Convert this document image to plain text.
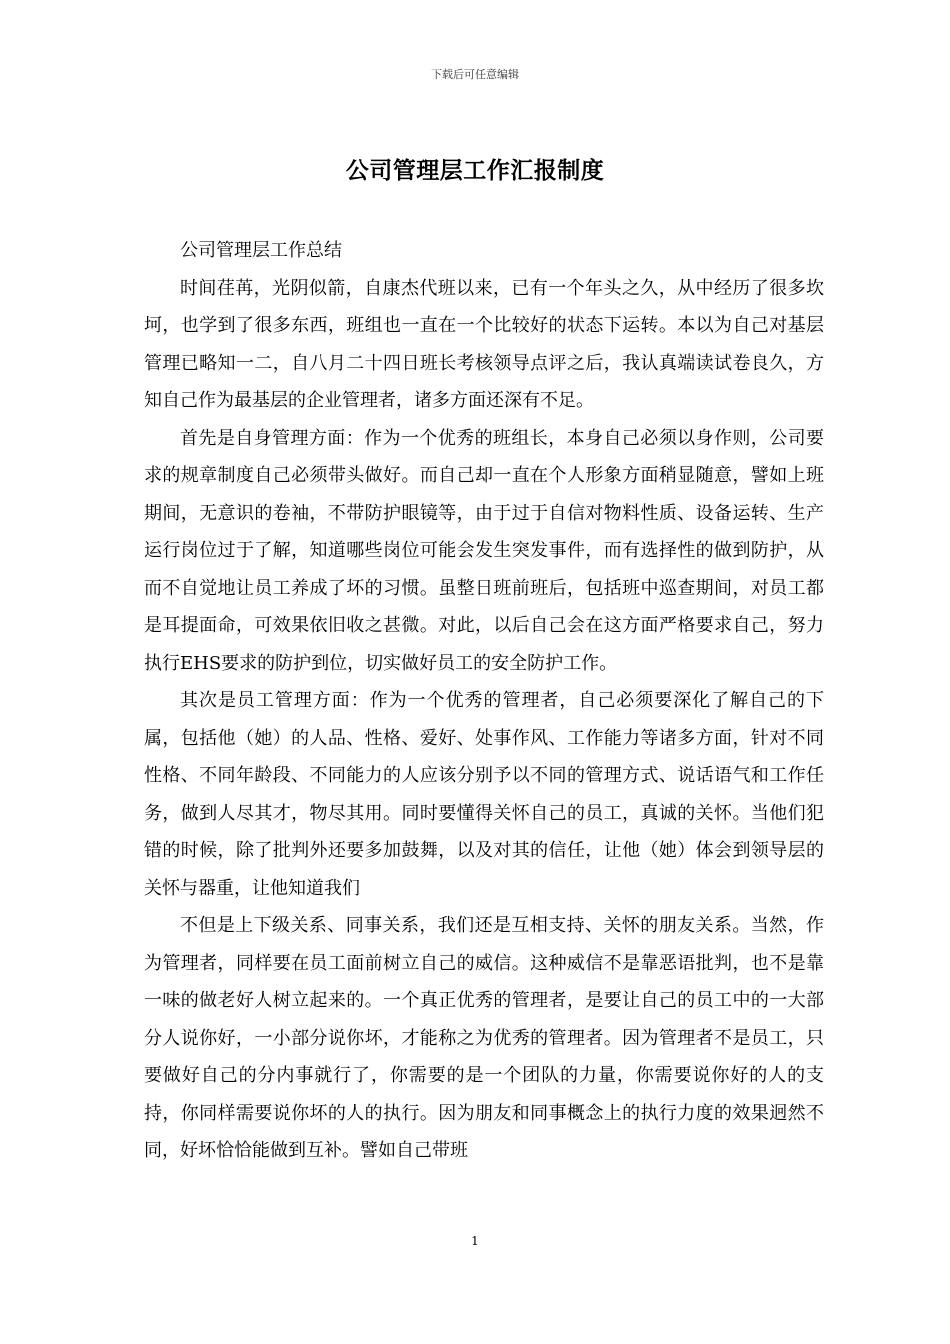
下载后可任意编辑
公司管理层工作汇报制度

公司管理层工作总结

时间荏苒，光阴似箭，自康杰代班以来，已有一个年头之久，从中经历了很多坎坷，也学到了很多东西，班组也一直在一个比较好的状态下运转。本以为自己对基层管理已略知一二，自八月二十四日班长考核领导点评之后，我认真端读试卷良久，方知自己作为最基层的企业管理者，诸多方面还深有不足。

首先是自身管理方面：作为一个优秀的班组长，本身自己必须以身作则，公司要求的规章制度自己必须带头做好。而自己却一直在个人形象方面稍显随意，譬如上班期间，无意识的卷袖，不带防护眼镜等，由于过于自信对物料性质、设备运转、生产运行岗位过于了解，知道哪些岗位可能会发生突发事件，而有选择性的做到防护，从而不自觉地让员工养成了坏的习惯。虽整日班前班后，包括班中巡查期间，对员工都是耳提面命，可效果依旧收之甚微。对此，以后自己会在这方面严格要求自己，努力执行EHS要求的防护到位，切实做好员工的安全防护工作。

其次是员工管理方面：作为一个优秀的管理者，自己必须要深化了解自己的下属，包括他（她）的人品、性格、爱好、处事作风、工作能力等诸多方面，针对不同性格、不同年龄段、不同能力的人应该分别予以不同的管理方式、说话语气和工作任务，做到人尽其才，物尽其用。同时要懂得关怀自己的员工，真诚的关怀。当他们犯错的时候，除了批判外还要多加鼓舞，以及对其的信任，让他（她）体会到领导层的关怀与器重，让他知道我们

不但是上下级关系、同事关系，我们还是互相支持、关怀的朋友关系。当然，作为管理者，同样要在员工面前树立自己的威信。这种威信不是靠恶语批判，也不是靠一味的做老好人树立起来的。一个真正优秀的管理者，是要让自己的员工中的一大部分人说你好，一小部分说你坏，才能称之为优秀的管理者。因为管理者不是员工，只要做好自己的分内事就行了，你需要的是一个团队的力量，你需要说你好的人的支持，你同样需要说你坏的人的执行。因为朋友和同事概念上的执行力度的效果迥然不同，好坏恰恰能做到互补。譬如自己带班

1
